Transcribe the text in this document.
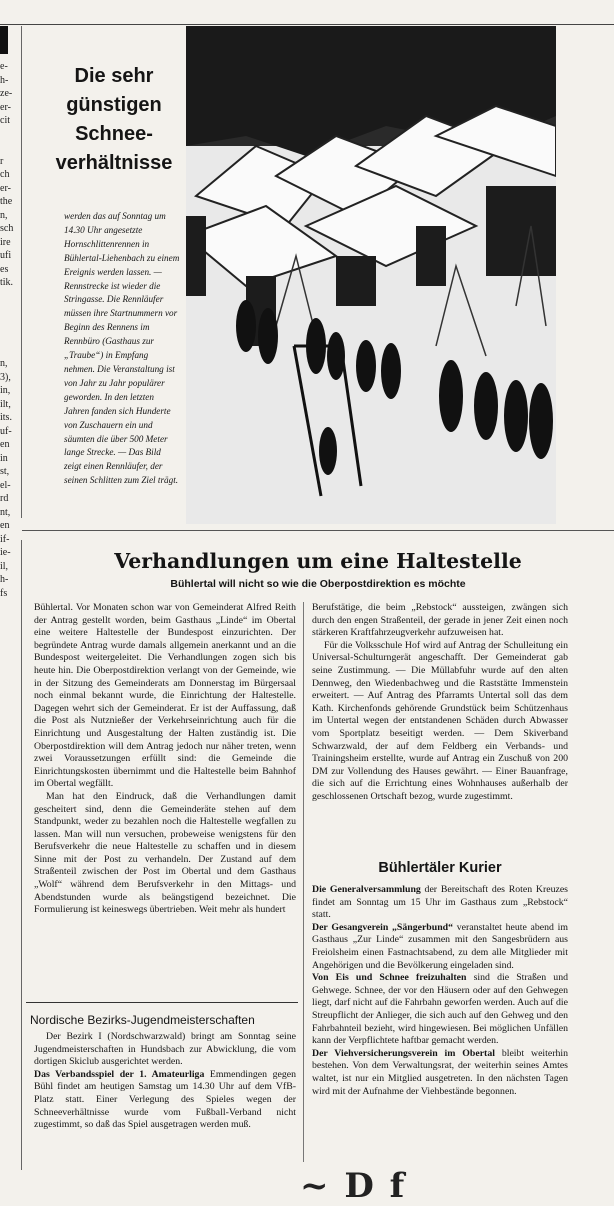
e-
h-
ze-
er-
cit

r
ch
er-
the
n,
sch
ire
ufi
es
tik.

n,
3),
in,
ilt,
its.
uf-
en
in
st,
el-
rd
nt,
en
if-
ie-
il,
h-
fs
Die sehr günstigen Schnee-verhältnisse
werden das auf Sonntag um 14.30 Uhr angesetzte Hornschlittenrennen in Bühlertal-Liehenbach zu einem Ereignis werden lassen. — Rennstrecke ist wieder die Stringasse. Die Rennläufer müssen ihre Startnummern vor Beginn des Rennens im Rennbüro (Gasthaus zur „Traube“) in Empfang nehmen. Die Veranstaltung ist von Jahr zu Jahr populärer geworden. In den letzten Jahren fanden sich Hunderte von Zuschauern ein und säumten die über 500 Meter lange Strecke. — Das Bild zeigt einen Rennläufer, der seinen Schlitten zum Ziel trägt.
Verhandlungen um eine Haltestelle
Bühlertal will nicht so wie die Oberpostdirektion es möchte

Bühlertal. Vor Monaten schon war von Gemeinderat Alfred Reith der Antrag gestellt worden, beim Gasthaus „Linde“ im Obertal eine weitere Haltestelle der Bundespost einzurichten. Der begründete Antrag wurde damals allgemein anerkannt und an die Bundespost weitergeleitet. Die Verhandlungen zogen sich bis heute hin. Die Oberpostdirektion verlangt von der Gemeinde, wie in der Sitzung des Gemeinderats am Donnerstag im Bürgersaal noch einmal bekannt wurde, die Einrichtung der Haltestelle. Dagegen wehrt sich der Gemeinderat. Er ist der Auffassung, daß die Post als Nutznießer der Verkehrseinrichtung auch für die Einrichtung und Ausgestaltung der Halten zuständig ist. Die Oberpostdirektion will dem Antrag jedoch nur näher treten, wenn zwei Voraussetzungen erfüllt sind: die Gemeinde die Einrichtungskosten übernimmt und die Haltestelle beim Bahnhof im Obertal wegfällt.

Man hat den Eindruck, daß die Verhandlungen damit gescheitert sind, denn die Gemeinderäte stehen auf dem Standpunkt, weder zu bezahlen noch die Haltestelle wegfallen zu lassen. Man will nun versuchen, probeweise wenigstens für den Berufsverkehr die neue Haltestelle zu schaffen und in diesem Sinne mit der Post zu verhandeln. Der Zustand auf dem Straßenteil zwischen der Post im Obertal und dem Gasthaus „Wolf“ während dem Berufsverkehr in den Mittags- und Abendstunden wurde als beängstigend bezeichnet. Die Formulierung ist keineswegs übertrieben. Weit mehr als hundert

Berufstätige, die beim „Rebstock“ aussteigen, zwängen sich durch den engen Straßenteil, der gerade in jener Zeit einen noch stärkeren Kraftfahrzeugverkehr aufzuweisen hat.

Für die Volksschule Hof wird auf Antrag der Schulleitung ein Universal-Schulturngerät angeschafft. Der Gemeinderat gab seine Zustimmung. — Die Müllabfuhr wurde auf den alten Dennweg, den Wiedenbachweg und die Raststätte Immenstein erweitert. — Auf Antrag des Pfarramts Untertal soll das dem Kath. Kirchenfonds gehörende Grundstück beim Schützenhaus im Untertal wegen der entstandenen Schäden durch Abwasser vom Sportplatz beseitigt werden. — Dem Skiverband Schwarzwald, der auf dem Feldberg ein Verbands- und Trainingsheim erstellte, wurde auf Antrag ein Zuschuß von 200 DM zur Vollendung des Hauses gewährt. — Einer Bauanfrage, die sich auf die Errichtung eines Wohnhauses außerhalb der geschlossenen Ortschaft bezog, wurde zugestimmt.

Nordische Bezirks-Jugendmeisterschaften

Der Bezirk I (Nordschwarzwald) bringt am Sonntag seine Jugendmeisterschaften in Hundsbach zur Abwicklung, die vom dortigen Skiclub ausgerichtet werden.

Das Verbandsspiel der 1. Amateurliga Emmendingen gegen Bühl findet am heutigen Samstag um 14.30 Uhr auf dem VfB-Platz statt. Einer Verlegung des Spieles wegen der Schneeverhältnisse wurde vom Fußball-Verband nicht zugestimmt, so daß das Spiel ausgetragen werden muß.

Bühlertäler Kurier

Die Generalversammlung der Bereitschaft des Roten Kreuzes findet am Sonntag um 15 Uhr im Gasthaus zum „Rebstock“ statt.

Der Gesangverein „Sängerbund“ veranstaltet heute abend im Gasthaus „Zur Linde“ zusammen mit den Sangesbrüdern aus Freiolsheim einen Fastnachtsabend, zu dem alle Mitglieder mit Angehörigen und die Bevölkerung eingeladen sind.

Von Eis und Schnee freizuhalten sind die Straßen und Gehwege. Schnee, der vor den Häusern oder auf den Gehwegen liegt, darf nicht auf die Fahrbahn geworfen werden. Auch auf die Streupflicht der Anlieger, die sich auch auf den Gehweg und den Fahrbahnteil bezieht, wird hingewiesen. Bei möglichen Unfällen kann der Verpflichtete haftbar gemacht werden.

Der Viehversicherungsverein im Obertal bleibt weiterhin bestehen. Von dem Verwaltungsrat, der weiterhin seines Amtes waltet, ist nur ein Mitglied ausgetreten. In den nächsten Tagen wird mit der Aufnahme der Viehbestände begonnen.

~ D f
